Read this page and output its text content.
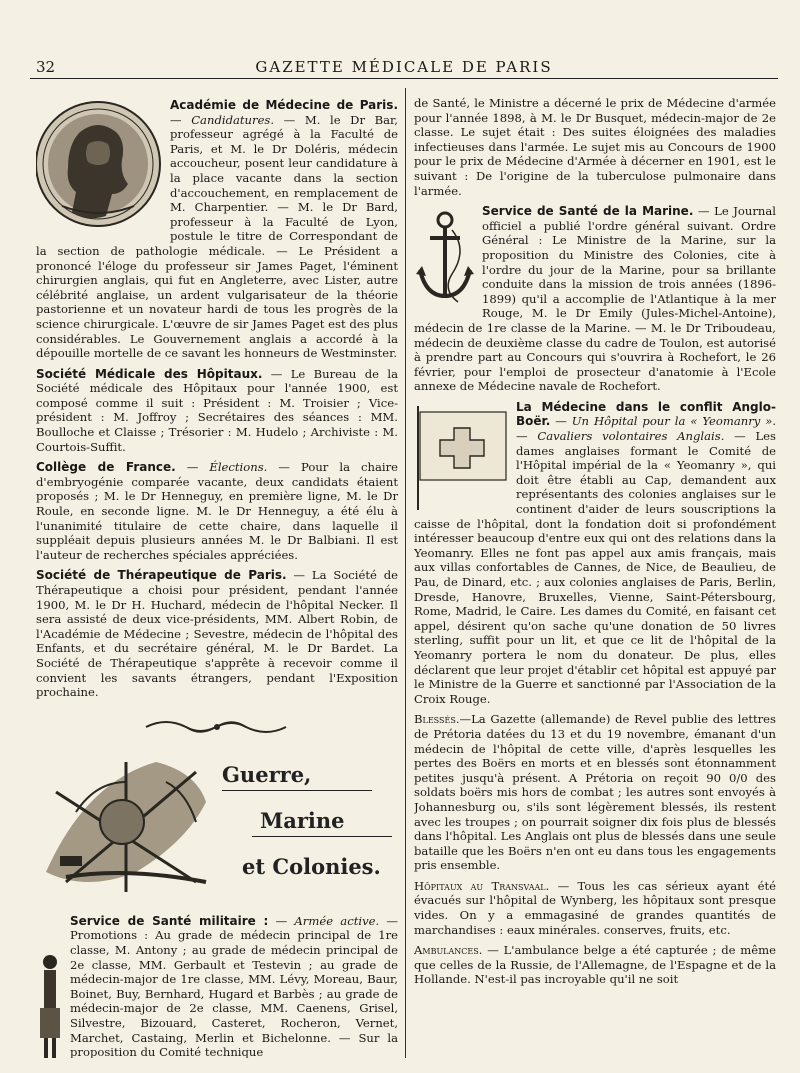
32	GAZETTE MÉDICALE DE PARIS

Académie de Médecine de Paris. — Candidatures. — M. le Dr Bar, professeur agrégé à la Faculté de Paris, et M. le Dr Doléris, médecin accoucheur, posent leur candidature à la place vacante dans la section d'accouchement, en remplacement de M. Charpentier. — M. le Dr Bard, professeur à la Faculté de Lyon, postule le titre de Correspondant de la section de pathologie médicale. — Le Président a prononcé l'éloge du professeur sir James Paget, l'éminent chirurgien anglais, qui fut en Angleterre, avec Lister, autre célébrité anglaise, un ardent vulgarisateur de la théorie pastorienne et un novateur hardi de tous les progrès de la science chirurgicale. L'œuvre de sir James Paget est des plus considérables. Le Gouvernement anglais a accordé à la dépouille mortelle de ce savant les honneurs de Westminster.

Société Médicale des Hôpitaux. — Le Bureau de la Société médicale des Hôpitaux pour l'année 1900, est composé comme il suit : Président : M. Troisier ; Vice-président : M. Joffroy ; Secrétaires des séances : MM. Boulloche et Claisse ; Trésorier : M. Hudelo ; Archiviste : M. Courtois-Suffit.

Collège de France. — Élections. — Pour la chaire d'embryogénie comparée vacante, deux candidats étaient proposés ; M. le Dr Henneguy, en première ligne, M. le Dr Roule, en seconde ligne. M. le Dr Henneguy, a été élu à l'unanimité titulaire de cette chaire, dans laquelle il suppléait depuis plusieurs années M. le Dr Balbiani. Il est l'auteur de recherches spéciales appréciées.

Société de Thérapeutique de Paris. — La Société de Thérapeutique a choisi pour président, pendant l'année 1900, M. le Dr H. Huchard, médecin de l'hôpital Necker. Il sera assisté de deux vice-présidents, MM. Albert Robin, de l'Académie de Médecine ; Sevestre, médecin de l'hôpital des Enfants, et du secrétaire général, M. le Dr Bardet. La Société de Thérapeutique s'apprête à recevoir comme il convient les savants étrangers, pendant l'Exposition prochaine.

Guerre,
Marine
et Colonies.

Service de Santé militaire : — Armée active. — Promotions : Au grade de médecin principal de 1re classe, M. Antony ; au grade de médecin principal de 2e classe, MM. Gerbault et Testevin ; au grade de médecin-major de 1re classe, MM. Lévy, Moreau, Baur, Boinet, Buy, Bernhard, Hugard et Barbès ; au grade de médecin-major de 2e classe, MM. Caenens, Grisel, Silvestre, Bizouard, Casteret, Rocheron, Vernet, Marchet, Castaing, Merlin et Bichelonne. — Sur la proposition du Comité technique

de Santé, le Ministre a décerné le prix de Médecine d'armée pour l'année 1898, à M. le Dr Busquet, médecin-major de 2e classe. Le sujet était : Des suites éloignées des maladies infectieuses dans l'armée. Le sujet mis au Concours de 1900 pour le prix de Médecine d'Armée à décerner en 1901, est le suivant : De l'origine de la tuberculose pulmonaire dans l'armée.

Service de Santé de la Marine. — Le Journal officiel a publié l'ordre général suivant. Ordre Général : Le Ministre de la Marine, sur la proposition du Ministre des Colonies, cite à l'ordre du jour de la Marine, pour sa brillante conduite dans la mission de trois années (1896-1899) qu'il a accomplie de l'Atlantique à la mer Rouge, M. le Dr Emily (Jules-Michel-Antoine), médecin de 1re classe de la Marine. — M. le Dr Triboudeau, médecin de deuxième classe du cadre de Toulon, est autorisé à prendre part au Concours qui s'ouvrira à Rochefort, le 26 février, pour l'emploi de prosecteur d'anatomie à l'Ecole annexe de Médecine navale de Rochefort.

La Médecine dans le conflit Anglo-Boër. — Un Hôpital pour la « Yeomanry ». — Cavaliers volontaires Anglais. — Les dames anglaises formant le Comité de l'Hôpital impérial de la « Yeomanry », qui doit être établi au Cap, demandent aux représentants des colonies anglaises sur le continent d'aider de leurs souscriptions la caisse de l'hôpital, dont la fondation doit si profondément intéresser beaucoup d'entre eux qui ont des relations dans la Yeomanry. Elles ne font pas appel aux amis français, mais aux villas confortables de Cannes, de Nice, de Beaulieu, de Pau, de Dinard, etc. ; aux colonies anglaises de Paris, Berlin, Dresde, Hanovre, Bruxelles, Vienne, Saint-Pétersbourg, Rome, Madrid, le Caire. Les dames du Comité, en faisant cet appel, désirent qu'on sache qu'une donation de 50 livres sterling, suffit pour un lit, et que ce lit de l'hôpital de la Yeomanry portera le nom du donateur. De plus, elles déclarent que leur projet d'établir cet hôpital est appuyé par le Ministre de la Guerre et sanctionné par l'Association de la Croix Rouge.

Blessés.—La Gazette (allemande) de Revel publie des lettres de Prétoria datées du 13 et du 19 novembre, émanant d'un médecin de l'hôpital de cette ville, d'après lesquelles les pertes des Boërs en morts et en blessés sont étonnamment petites jusqu'à présent. A Prétoria on reçoit 90 0/0 des soldats boërs mis hors de combat ; les autres sont envoyés à Johannesburg ou, s'ils sont légèrement blessés, ils restent avec les troupes ; on pourrait soigner dix fois plus de blessés dans l'hôpital. Les Anglais ont plus de blessés dans une seule bataille que les Boërs n'en ont eu dans tous les engagements pris ensemble.

Hôpitaux au Transvaal. — Tous les cas sérieux ayant été évacués sur l'hôpital de Wynberg, les hôpitaux sont presque vides. On y a emmagasiné de grandes quantités de marchandises : eaux minérales. conserves, fruits, etc.

Ambulances. — L'ambulance belge a été capturée ; de même que celles de la Russie, de l'Allemagne, de l'Espagne et de la Hollande. N'est-il pas incroyable qu'il ne soit
